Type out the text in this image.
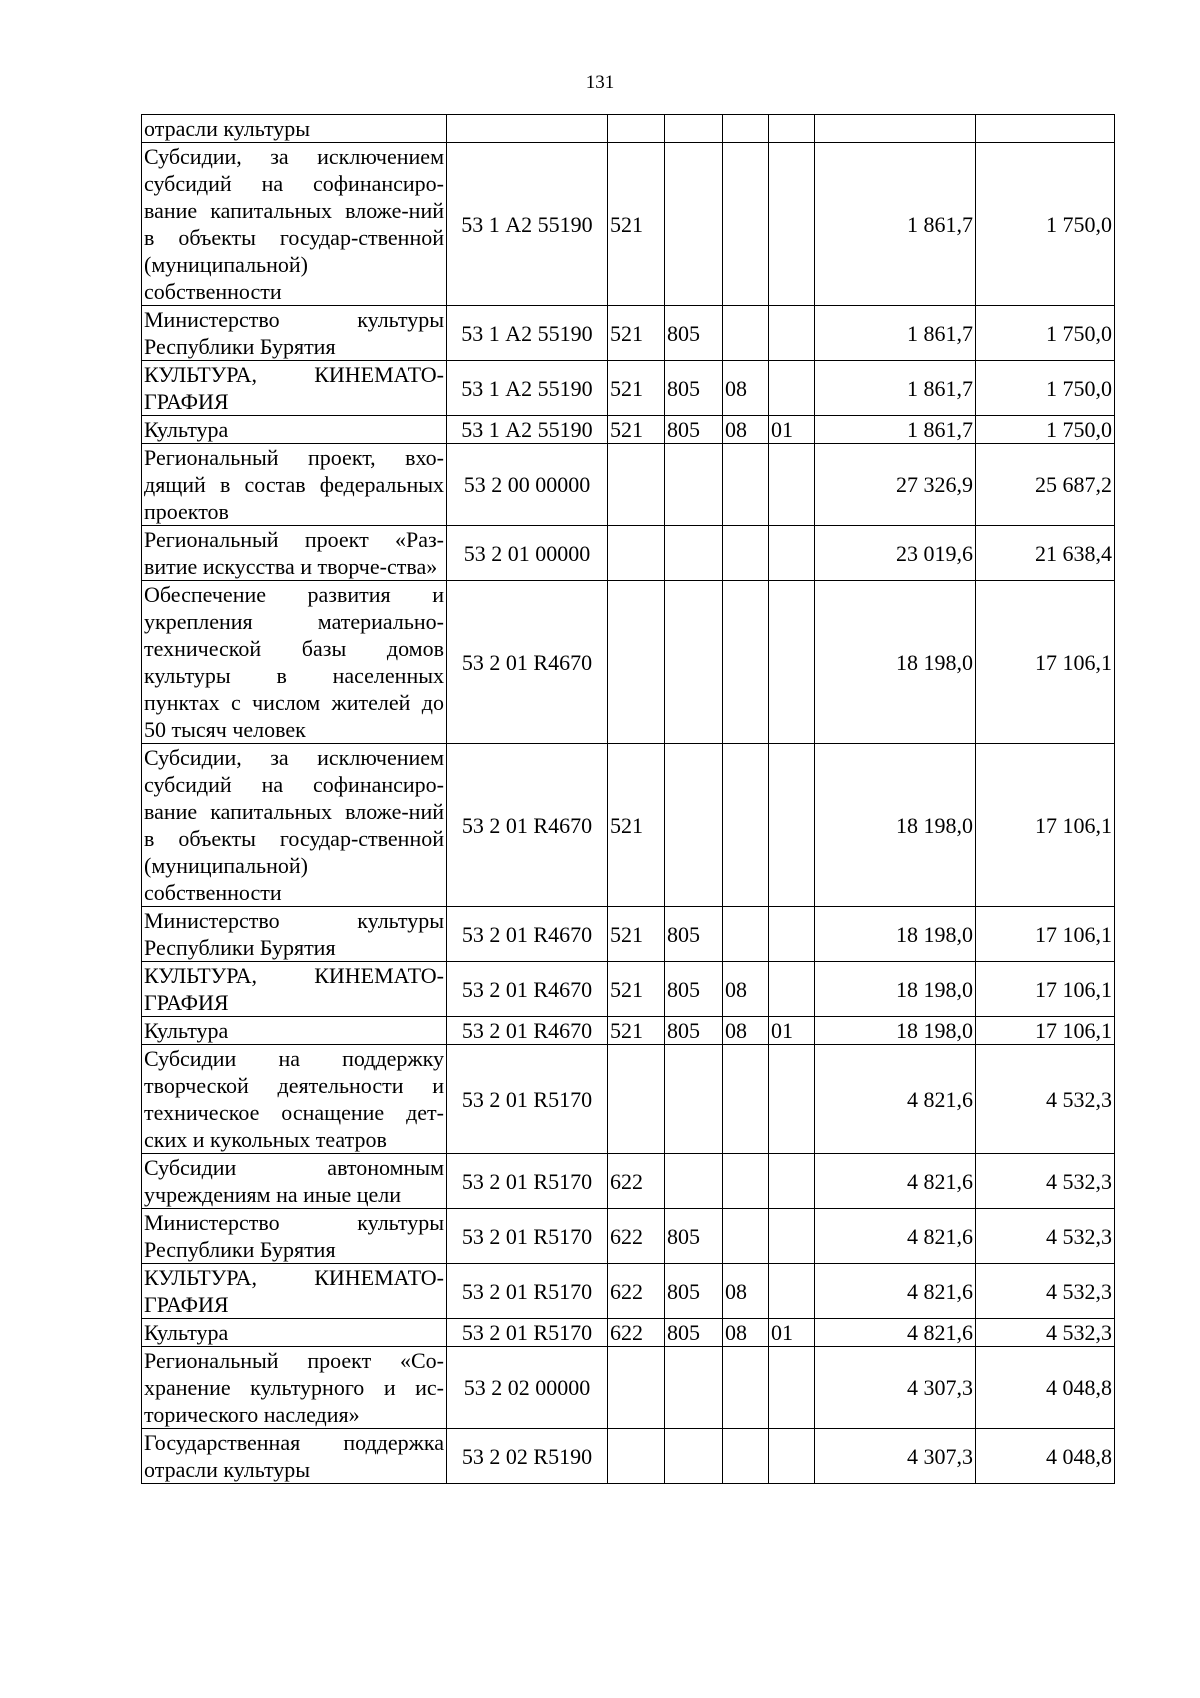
131
отрасли культуры							
Субсидии, за исключением субсидий на софинансиро-вание капитальных вложе-ний в объекты государ-ственной (муниципальной) собственности	53 1 А2 55190	521				1 861,7	1 750,0
Министерство культуры Республики Бурятия	53 1 А2 55190	521	805			1 861,7	1 750,0
КУЛЬТУРА, КИНЕМАТО-ГРАФИЯ	53 1 А2 55190	521	805	08		1 861,7	1 750,0
Культура	53 1 А2 55190	521	805	08	01	1 861,7	1 750,0
Региональный проект, вхо-дящий в состав федеральных проектов	53 2 00 00000					27 326,9	25 687,2
Региональный проект «Раз-витие искусства и творче-ства»	53 2 01 00000					23 019,6	21 638,4
Обеспечение развития и укрепления материально-технической базы домов культуры в населенных пунктах с числом жителей до 50 тысяч человек	53 2 01 R4670					18 198,0	17 106,1
Субсидии, за исключением субсидий на софинансиро-вание капитальных вложе-ний в объекты государ-ственной (муниципальной) собственности	53 2 01 R4670	521				18 198,0	17 106,1
Министерство культуры Республики Бурятия	53 2 01 R4670	521	805			18 198,0	17 106,1
КУЛЬТУРА, КИНЕМАТО-ГРАФИЯ	53 2 01 R4670	521	805	08		18 198,0	17 106,1
Культура	53 2 01 R4670	521	805	08	01	18 198,0	17 106,1
Субсидии на поддержку творческой деятельности и техническое оснащение дет-ских и кукольных театров	53 2 01 R5170					4 821,6	4 532,3
Субсидии автономным учреждениям на иные цели	53 2 01 R5170	622				4 821,6	4 532,3
Министерство культуры Республики Бурятия	53 2 01 R5170	622	805			4 821,6	4 532,3
КУЛЬТУРА, КИНЕМАТО-ГРАФИЯ	53 2 01 R5170	622	805	08		4 821,6	4 532,3
Культура	53 2 01 R5170	622	805	08	01	4 821,6	4 532,3
Региональный проект «Со-хранение культурного и ис-торического наследия»	53 2 02 00000					4 307,3	4 048,8
Государственная поддержка отрасли культуры	53 2 02 R5190					4 307,3	4 048,8
